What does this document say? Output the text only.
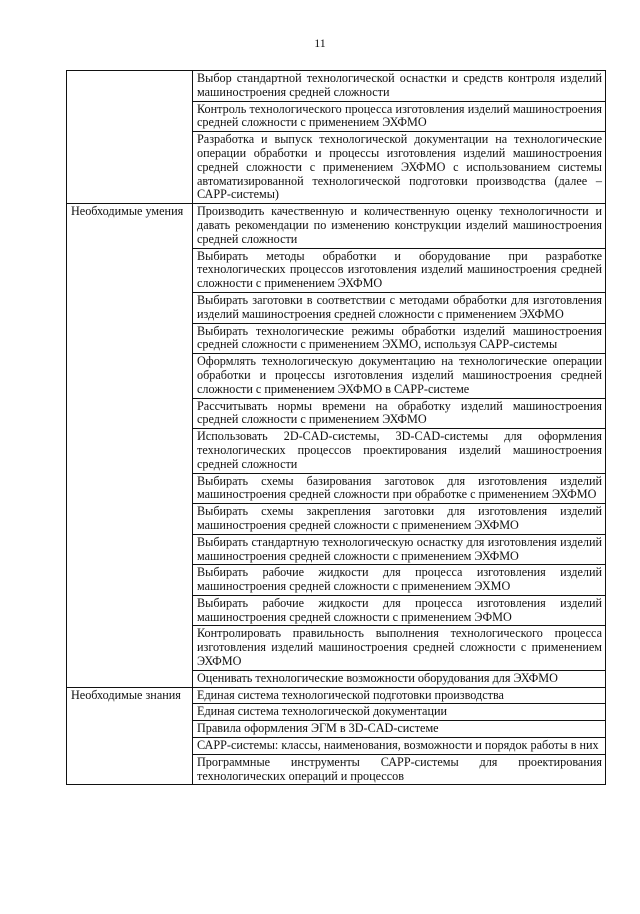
11
	Выбор стандартной технологической оснастки и средств контроля изделий машиностроения средней сложности
	Контроль технологического процесса изготовления изделий машиностроения средней сложности с применением ЭХФМО
	Разработка и выпуск технологической документации на технологические операции обработки и процессы изготовления изделий машиностроения средней сложности с применением ЭХФМО с использованием системы автоматизированной технологической подготовки производства (далее – САРР-системы)
Необходимые умения	Производить качественную и количественную оценку технологичности и давать рекомендации по изменению конструкции изделий машиностроения средней сложности
	Выбирать методы обработки и оборудование при разработке технологических процессов изготовления изделий машиностроения средней сложности с применением ЭХФМО
	Выбирать заготовки в соответствии с методами обработки для изготовления изделий машиностроения средней сложности с применением ЭХФМО
	Выбирать технологические режимы обработки изделий машиностроения средней сложности с применением ЭХМО, используя САРР-системы
	Оформлять технологическую документацию на технологические операции обработки и процессы изготовления изделий машиностроения средней сложности с применением ЭХФМО в САРР-системе
	Рассчитывать нормы времени на обработку изделий машиностроения средней сложности с применением ЭХФМО
	Использовать 2D-CAD-системы, 3D-CAD-системы для оформления технологических процессов проектирования изделий машиностроения средней сложности
	Выбирать схемы базирования заготовок для изготовления изделий машиностроения средней сложности при обработке с применением ЭХФМО
	Выбирать схемы закрепления заготовки для изготовления изделий машиностроения средней сложности с применением ЭХФМО
	Выбирать стандартную технологическую оснастку для изготовления изделий машиностроения средней сложности с применением ЭХФМО
	Выбирать рабочие жидкости для процесса изготовления изделий машиностроения средней сложности с применением ЭХМО
	Выбирать рабочие жидкости для процесса изготовления изделий машиностроения средней сложности с применением ЭФМО
	Контролировать правильность выполнения технологического процесса изготовления изделий машиностроения средней сложности с применением ЭХФМО
	Оценивать технологические возможности оборудования для ЭХФМО
Необходимые знания	Единая система технологической подготовки производства
	Единая система технологической документации
	Правила оформления ЭГМ в 3D-CAD-системе
	САРР-системы: классы, наименования, возможности и порядок работы в них
	Программные инструменты САРР-системы для проектирования технологических операций и процессов
